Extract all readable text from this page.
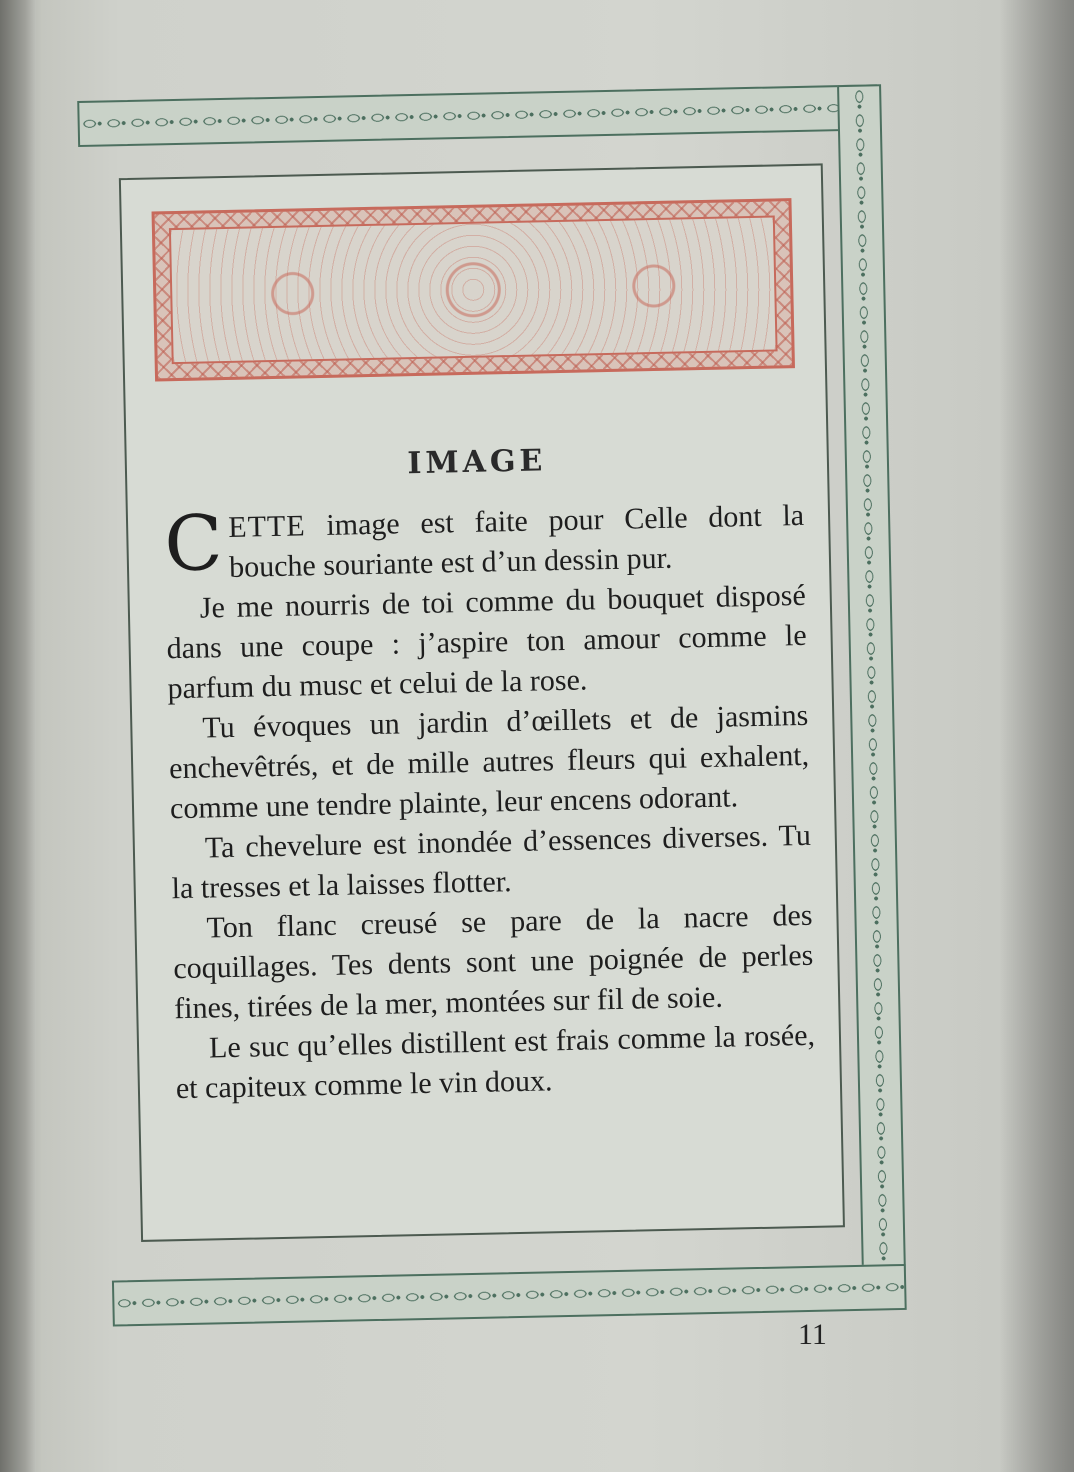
IMAGE

CETTE image est faite pour Celle dont la bouche souriante est d’un dessin pur.

Je me nourris de toi comme du bouquet disposé dans une coupe : j’aspire ton amour comme le parfum du musc et celui de la rose.

Tu évoques un jardin d’œillets et de jasmins enchevêtrés, et de mille autres fleurs qui exhalent, comme une tendre plainte, leur encens odorant.

Ta chevelure est inondée d’essences diverses. Tu la tresses et la laisses flotter.

Ton flanc creusé se pare de la nacre des coquillages. Tes dents sont une poignée de perles fines, tirées de la mer, montées sur fil de soie.

Le suc qu’elles distillent est frais comme la rosée, et capiteux comme le vin doux.

11
